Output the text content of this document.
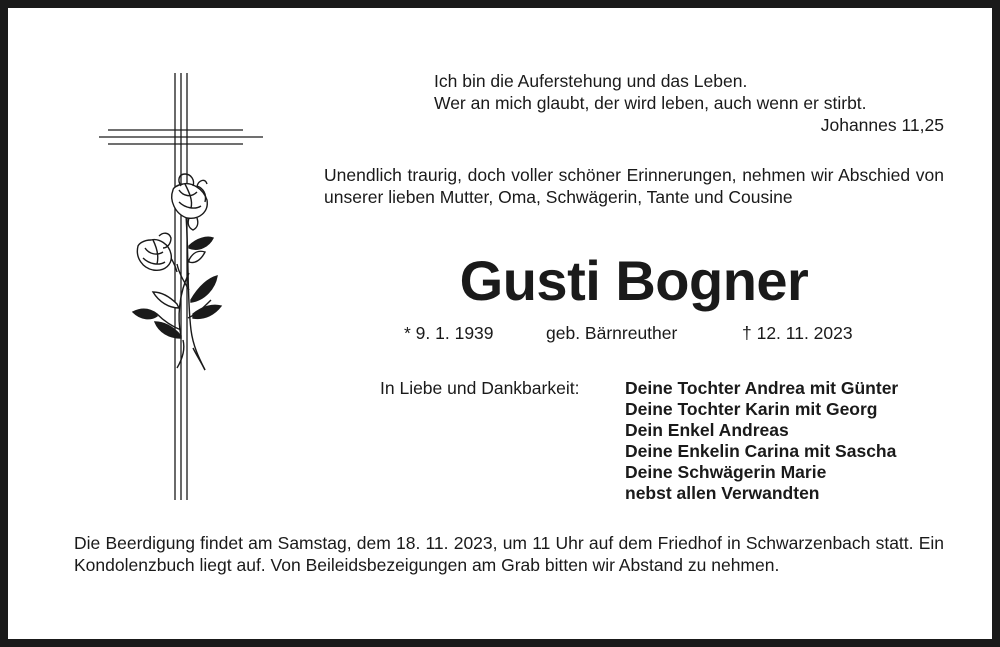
Ich bin die Auferstehung und das Leben.
Wer an mich glaubt, der wird leben, auch wenn er stirbt.
Johannes 11,25
Unendlich traurig, doch voller schöner Erinnerungen, nehmen wir Abschied von unserer lieben Mutter, Oma, Schwägerin, Tante und Cousine
Gusti Bogner
* 9. 1. 1939	geb. Bärnreuther	† 12. 11. 2023
In Liebe und Dankbarkeit:	Deine Tochter Andrea mit Günter
Deine Tochter Karin mit Georg
Dein Enkel Andreas
Deine Enkelin Carina mit Sascha
Deine Schwägerin Marie
nebst allen Verwandten
Die Beerdigung findet am Samstag, dem 18. 11. 2023, um 11 Uhr auf dem Friedhof in Schwarzenbach statt. Ein Kondolenzbuch liegt auf. Von Beileidsbezeigungen am Grab bitten wir Abstand zu nehmen.
